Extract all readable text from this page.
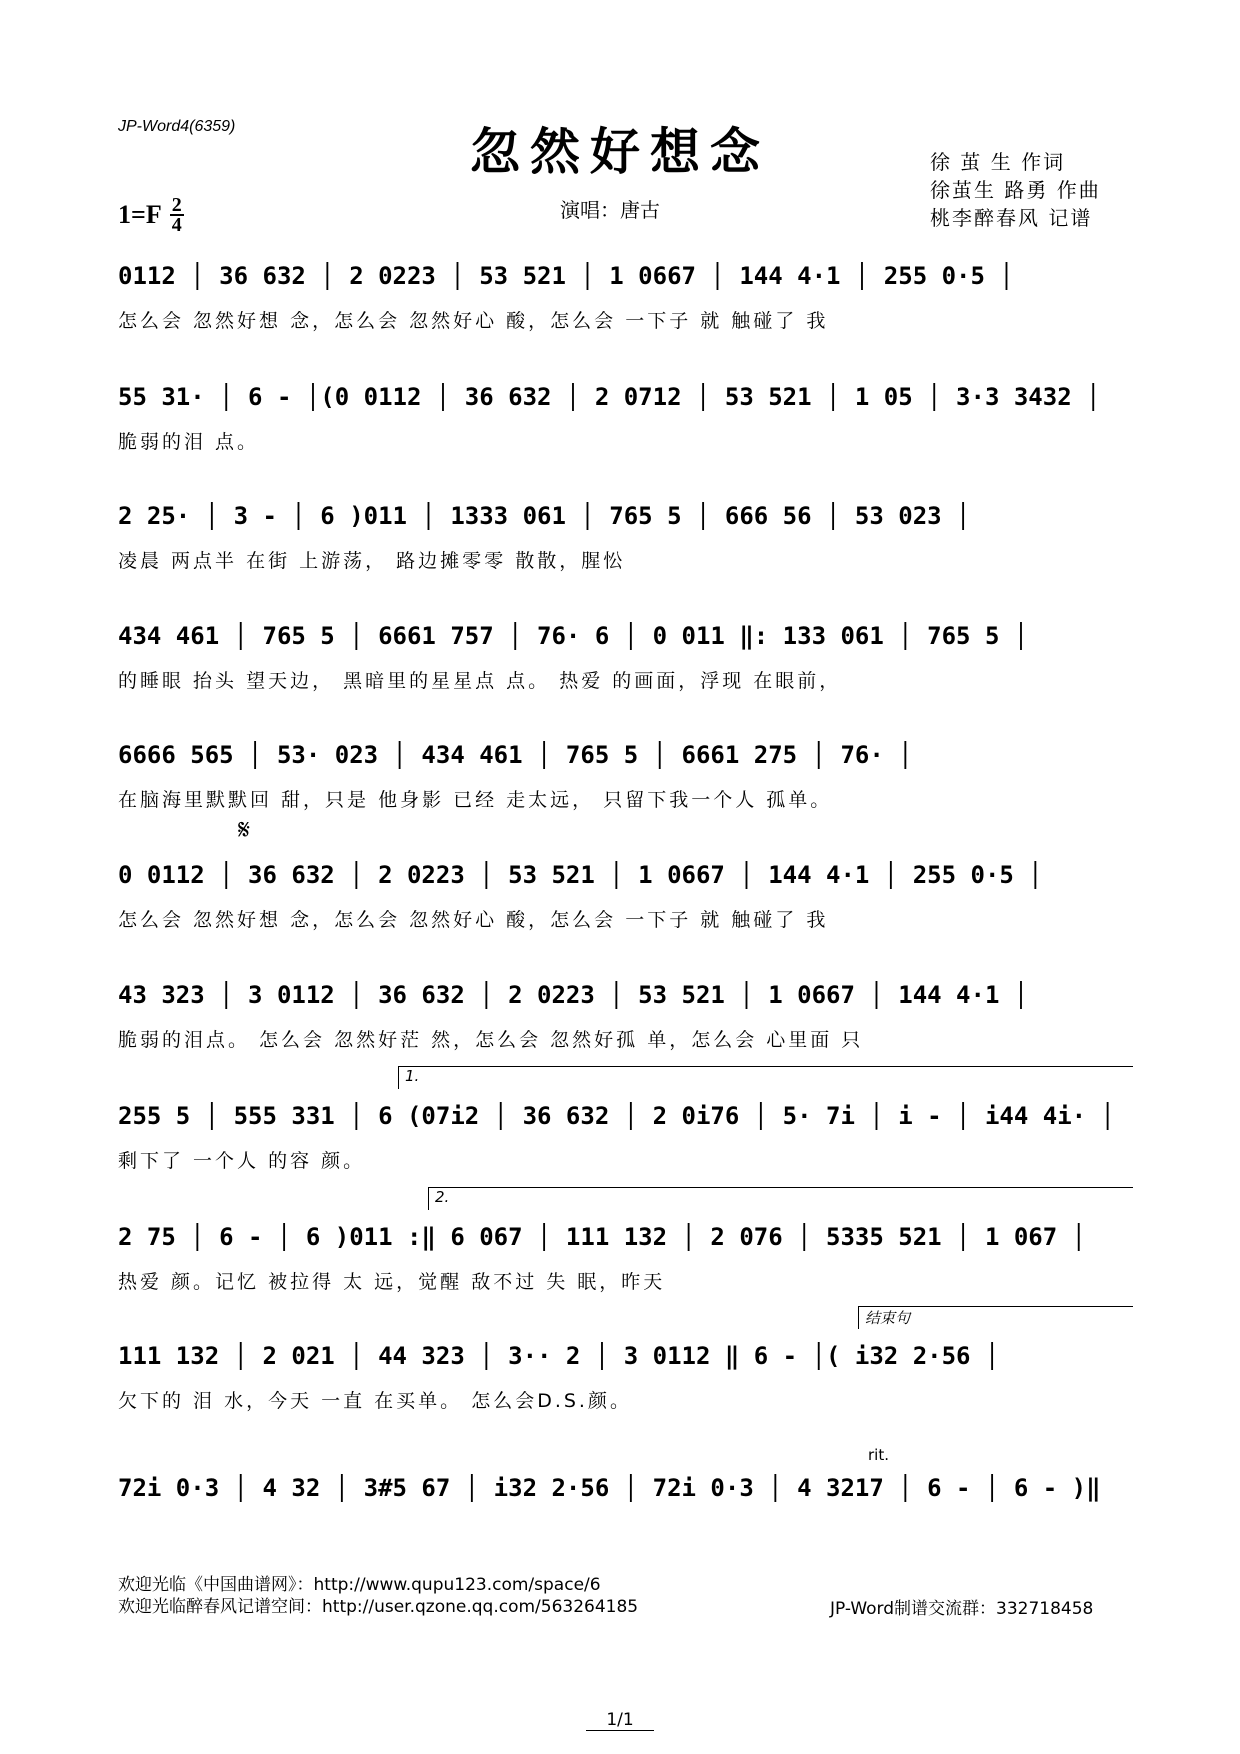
JP-Word4(6359)	忽然好想念
$1=F \frac{2}{4}$	演唱：唐古
徐 茧 生 作词
徐茧生 路勇 作曲
桃李醉春风 记谱
0112 │ 36 632 │ 2 0223 │ 53 521 │ 1 0667 │ 144 4·1 │ 255 0·5 │
怎么会 忽然好想 念，怎么会 忽然好心 酸，怎么会 一下子 就 触碰了 我
55 31· │ 6 - │(0 0112 │ 36 632 │ 2 0712 │ 53 521 │ 1 05 │ 3·3 3432 │
脆弱的泪 点。
2 25· │ 3 - │ 6 )011 │ 1333 061 │ 765 5 │ 666 56 │ 53 023 │
凌晨 两点半 在街 上游荡， 路边摊零零 散散，腥忪
434 461 │ 765 5 │ 6661 757 │ 76· 6 │ 0 011 ‖: 133 061 │ 765 5 │
的睡眼 抬头 望天边， 黑暗里的星星点 点。 热爱 的画面，浮现 在眼前，
6666 565 │ 53· 023 │ 434 461 │ 765 5 │ 6661 275 │ 76· │
在脑海里默默回 甜，只是 他身影 已经 走太远， 只留下我一个人 孤单。
𝄋
0 0112 │ 36 632 │ 2 0223 │ 53 521 │ 1 0667 │ 144 4·1 │ 255 0·5 │
怎么会 忽然好想 念，怎么会 忽然好心 酸，怎么会 一下子 就 触碰了 我
43 323 │ 3 0112 │ 36 632 │ 2 0223 │ 53 521 │ 1 0667 │ 144 4·1 │
脆弱的泪点。 怎么会 忽然好茫 然，怎么会 忽然好孤 单，怎么会 心里面 只
1.
255 5 │ 555 331 │ 6 (07i2 │ 36 632 │ 2 0i76 │ 5· 7i │ i - │ i44 4i· │
剩下了 一个人 的容 颜。
2.
2 75 │ 6 - │ 6 )011 :‖ 6 067 │ 111 132 │ 2 076 │ 5335 521 │ 1 067 │
热爱 颜。记忆 被拉得 太 远，觉醒 敌不过 失 眠，昨天
结束句
111 132 │ 2 021 │ 44 323 │ 3·· 2 │ 3 0112 ‖ 6 - │( i32 2·56 │
欠下的 泪 水，今天 一直 在买单。 怎么会D.S.颜。
rit.
72i 0·3 │ 4 32 │ 3#5 67 │ i32 2·56 │ 72i 0·3 │ 4 3217 │ 6 - │ 6 - )‖
欢迎光临《中国曲谱网》：http://www.qupu123.com/space/6
欢迎光临醉春风记谱空间：http://user.qzone.qq.com/563264185	JP-Word制谱交流群：332718458
1/1
